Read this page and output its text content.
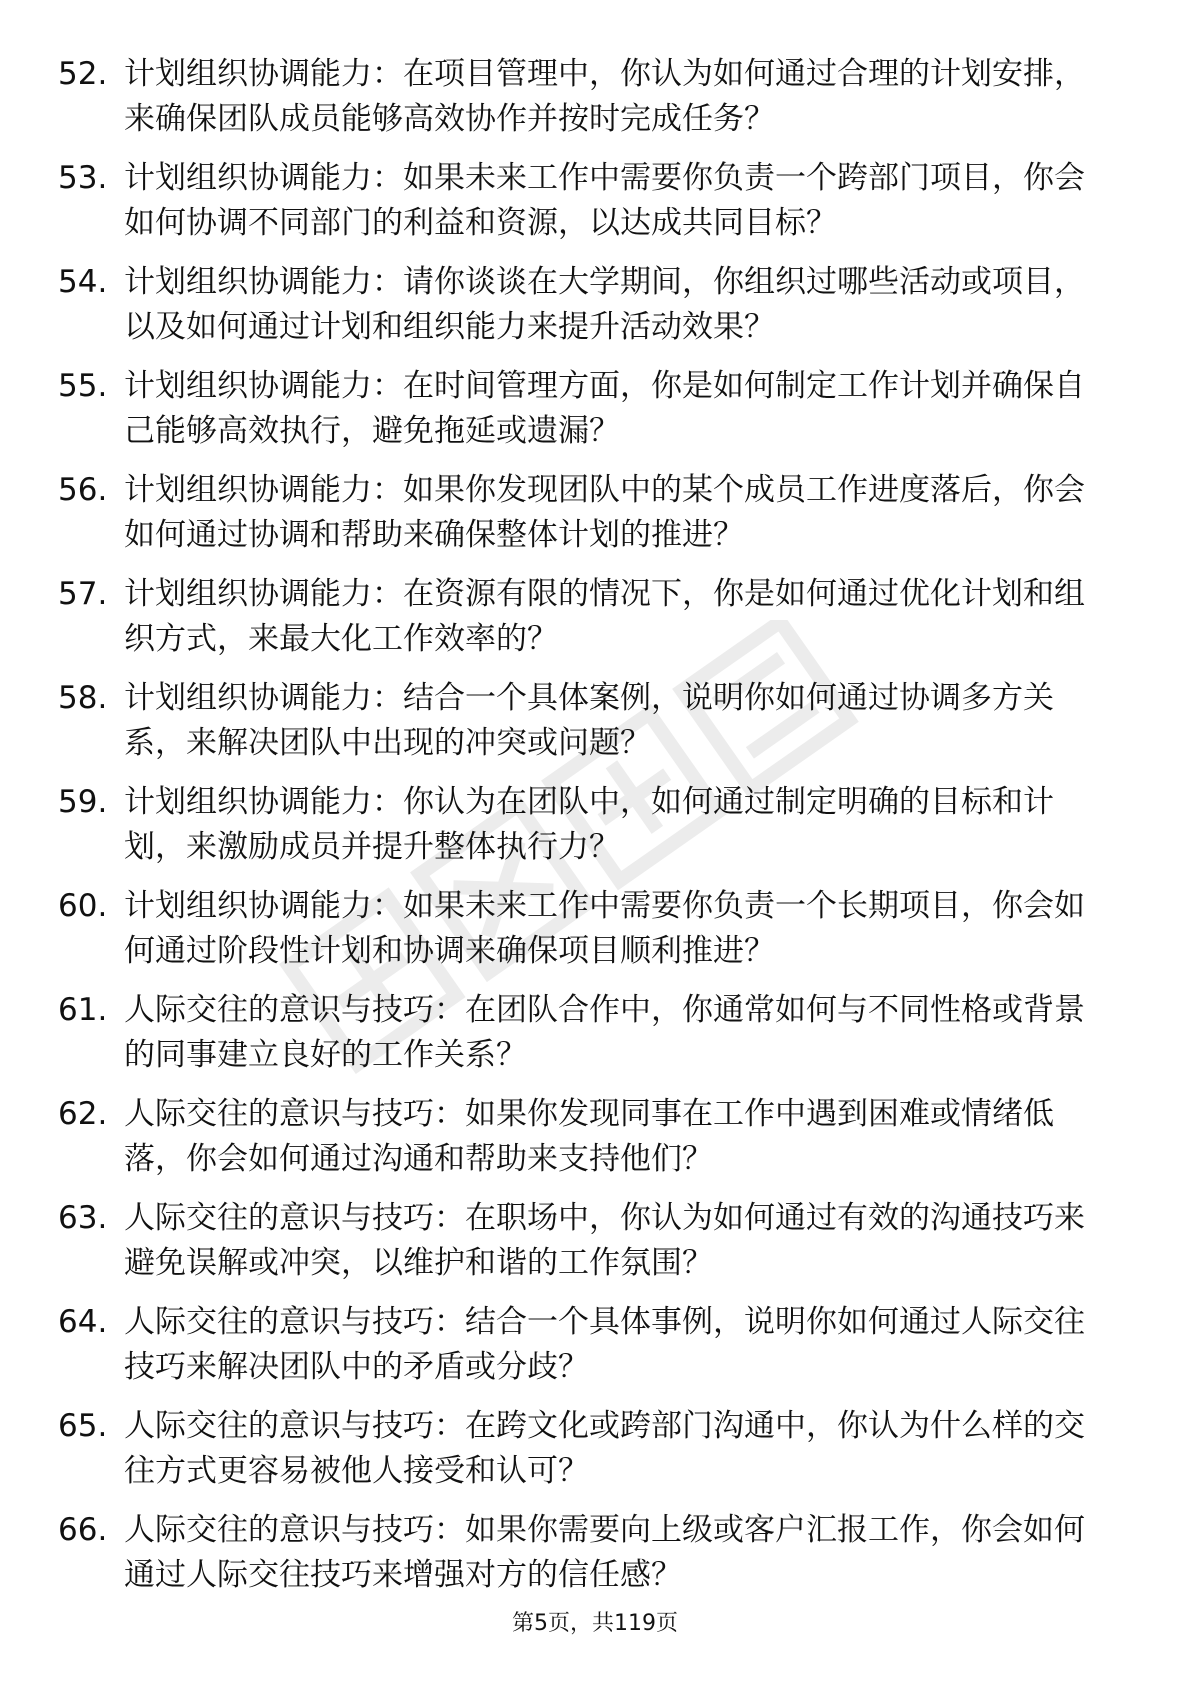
52. 计划组织协调能力：在项目管理中，你认为如何通过合理的计划安排，来确保团队成员能够高效协作并按时完成任务？
53. 计划组织协调能力：如果未来工作中需要你负责一个跨部门项目，你会如何协调不同部门的利益和资源，以达成共同目标？
54. 计划组织协调能力：请你谈谈在大学期间，你组织过哪些活动或项目，以及如何通过计划和组织能力来提升活动效果？
55. 计划组织协调能力：在时间管理方面，你是如何制定工作计划并确保自己能够高效执行，避免拖延或遗漏？
56. 计划组织协调能力：如果你发现团队中的某个成员工作进度落后，你会如何通过协调和帮助来确保整体计划的推进？
57. 计划组织协调能力：在资源有限的情况下，你是如何通过优化计划和组织方式，来最大化工作效率的？
58. 计划组织协调能力：结合一个具体案例，说明你如何通过协调多方关系，来解决团队中出现的冲突或问题？
59. 计划组织协调能力：你认为在团队中，如何通过制定明确的目标和计划，来激励成员并提升整体执行力？
60. 计划组织协调能力：如果未来工作中需要你负责一个长期项目，你会如何通过阶段性计划和协调来确保项目顺利推进？
61. 人际交往的意识与技巧：在团队合作中，你通常如何与不同性格或背景的同事建立良好的工作关系？
62. 人际交往的意识与技巧：如果你发现同事在工作中遇到困难或情绪低落，你会如何通过沟通和帮助来支持他们？
63. 人际交往的意识与技巧：在职场中，你认为如何通过有效的沟通技巧来避免误解或冲突，以维护和谐的工作氛围？
64. 人际交往的意识与技巧：结合一个具体事例，说明你如何通过人际交往技巧来解决团队中的矛盾或分歧？
65. 人际交往的意识与技巧：在跨文化或跨部门沟通中，你认为什么样的交往方式更容易被他人接受和认可？
66. 人际交往的意识与技巧：如果你需要向上级或客户汇报工作，你会如何通过人际交往技巧来增强对方的信任感？
第5页，共119页
